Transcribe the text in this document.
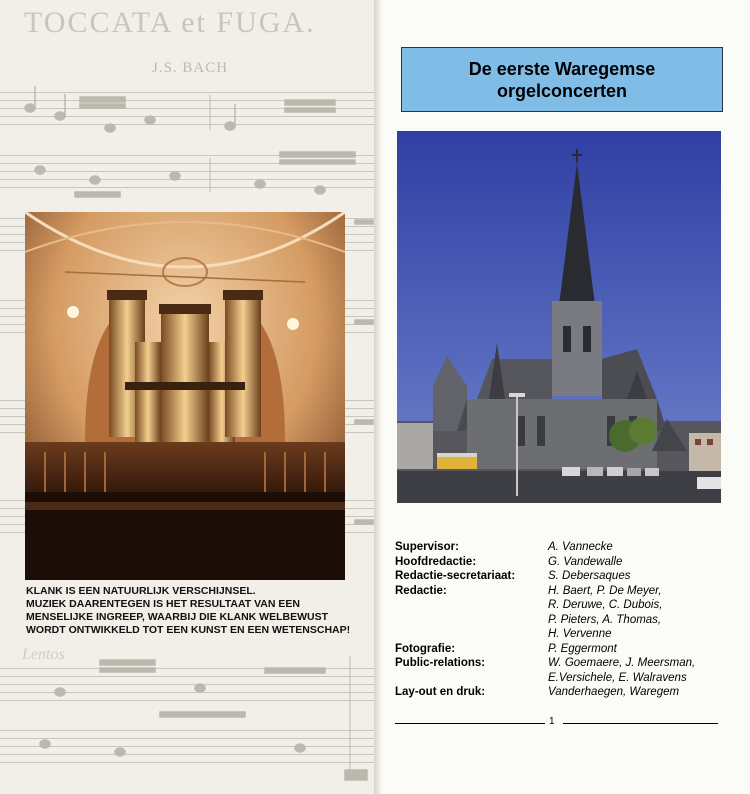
TOCCATA et FUGA.
J.S. BACH
Lentos
KLANK IS EEN NATUURLIJK VERSCHIJNSEL.
MUZIEK DAARENTEGEN IS HET RESULTAAT VAN EEN
MENSELIJKE INGREEP, WAARBIJ DIE KLANK WELBEWUST
WORDT ONTWIKKELD TOT EEN KUNST EN EEN WETENSCHAP!
De eerste Waregemse
orgelconcerten
Supervisor:	A. Vannecke
Hoofdredactie:	G. Vandewalle
Redactie-secretariaat:	S. Debersaques
Redactie:	H. Baert, P. De Meyer,
R. Deruwe, C. Dubois,
P. Pieters, A. Thomas,
H. Vervenne
Fotografie:	P. Eggermont
Public-relations:	W. Goemaere, J. Meersman,
E.Versichele, E. Walravens
Lay-out en druk:	Vanderhaegen, Waregem
1
